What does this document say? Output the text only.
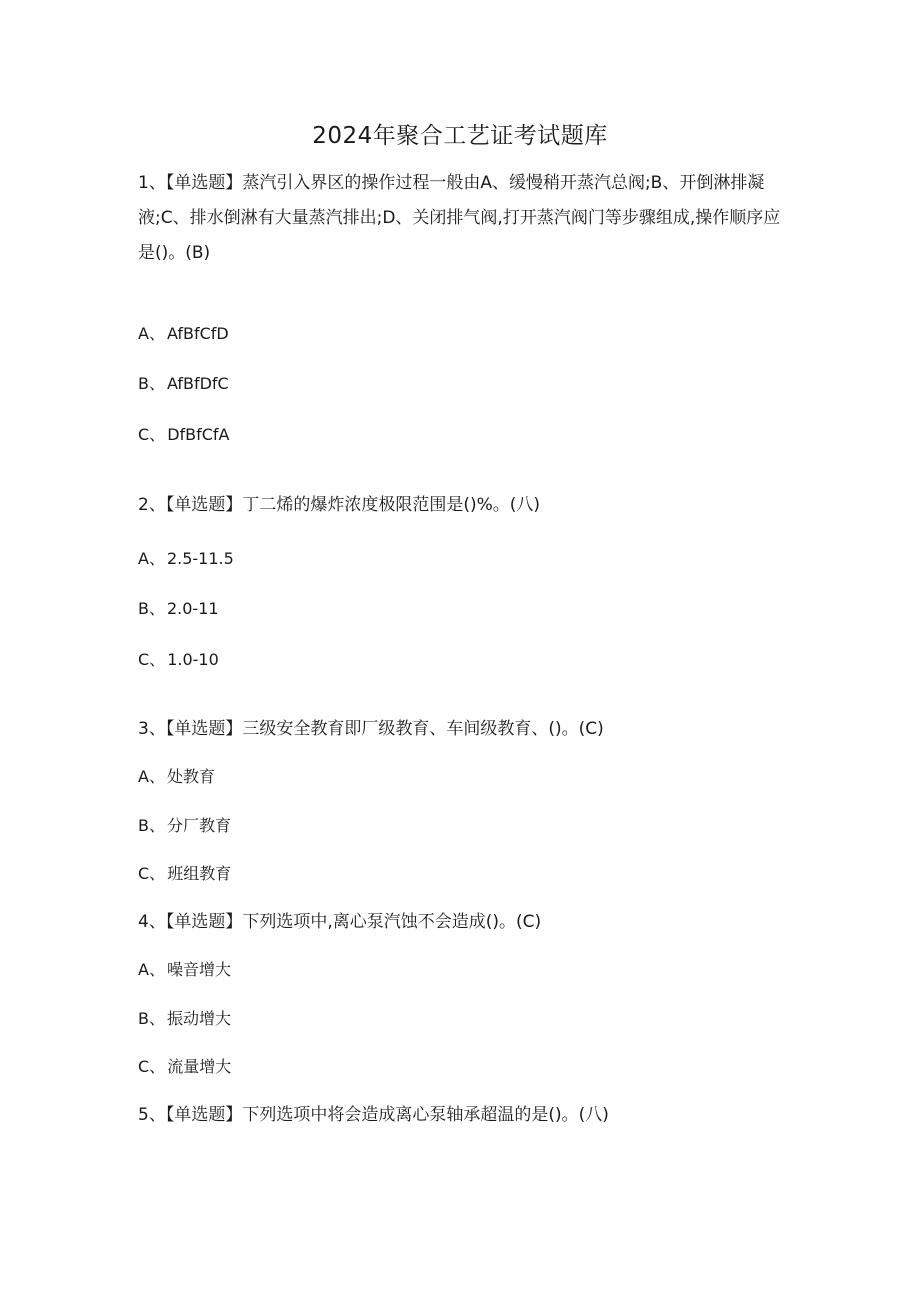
2024年聚合工艺证考试题库

1、【单选题】蒸汽引入界区的操作过程一般由A、缓慢稍开蒸汽总阀;B、开倒淋排凝液;C、排水倒淋有大量蒸汽排出;D、关闭排气阀,打开蒸汽阀门等步骤组成,操作顺序应是()。(B)

A、 AfBfCfD
B、 AfBfDfC
C、 DfBfCfA

2、【单选题】丁二烯的爆炸浓度极限范围是()%。(八)

A、 2.5-11.5
B、 2.0-11
C、 1.0-10

3、【单选题】三级安全教育即厂级教育、车间级教育、()。(C)

A、 处教育
B、 分厂教育
C、 班组教育

4、【单选题】下列选项中,离心泵汽蚀不会造成()。(C)

A、 噪音增大
B、 振动增大
C、 流量增大

5、【单选题】下列选项中将会造成离心泵轴承超温的是()。(八)
